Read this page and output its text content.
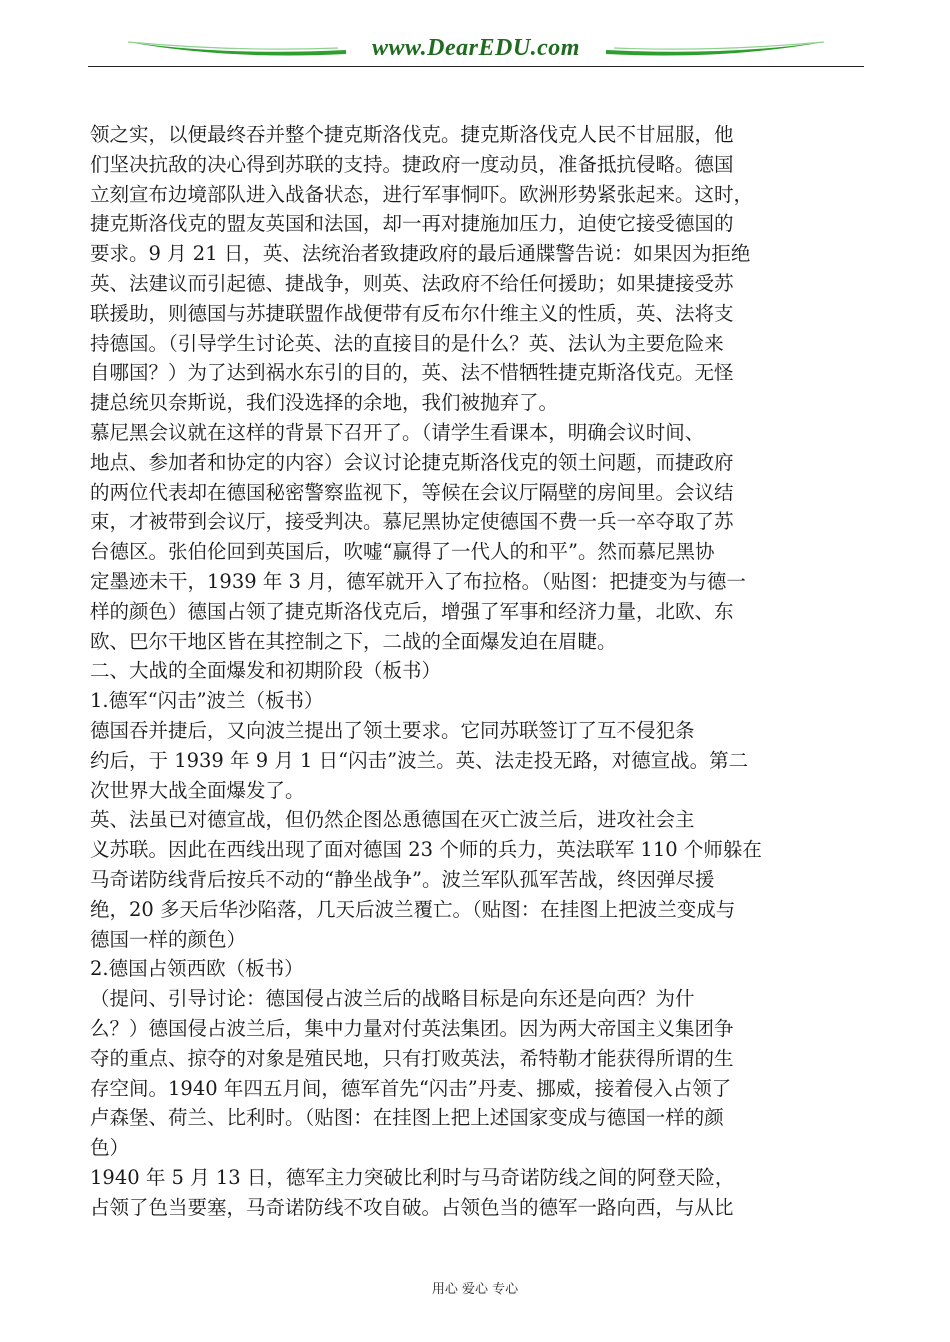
www.DearEDU.com
领之实，以便最终吞并整个捷克斯洛伐克。捷克斯洛伐克人民不甘屈服，他
们坚决抗敌的决心得到苏联的支持。捷政府一度动员，准备抵抗侵略。德国
立刻宣布边境部队进入战备状态，进行军事恫吓。欧洲形势紧张起来。这时，
捷克斯洛伐克的盟友英国和法国，却一再对捷施加压力，迫使它接受德国的
要求。9 月 21 日，英、法统治者致捷政府的最后通牒警告说：如果因为拒绝
英、法建议而引起德、捷战争，则英、法政府不给任何援助；如果捷接受苏
联援助，则德国与苏捷联盟作战便带有反布尔什维主义的性质，英、法将支
持德国。（引导学生讨论英、法的直接目的是什么？英、法认为主要危险来
自哪国？）为了达到祸水东引的目的，英、法不惜牺牲捷克斯洛伐克。无怪
捷总统贝奈斯说，我们没选择的余地，我们被抛弃了。
慕尼黑会议就在这样的背景下召开了。（请学生看课本，明确会议时间、
地点、参加者和协定的内容）会议讨论捷克斯洛伐克的领土问题，而捷政府
的两位代表却在德国秘密警察监视下，等候在会议厅隔壁的房间里。会议结
束，才被带到会议厅，接受判决。慕尼黑协定使德国不费一兵一卒夺取了苏
台德区。张伯伦回到英国后，吹嘘“赢得了一代人的和平”。然而慕尼黑协
定墨迹未干，1939 年 3 月，德军就开入了布拉格。（贴图：把捷变为与德一
样的颜色）德国占领了捷克斯洛伐克后，增强了军事和经济力量，北欧、东
欧、巴尔干地区皆在其控制之下，二战的全面爆发迫在眉睫。
二、大战的全面爆发和初期阶段（板书）
1.德军“闪击”波兰（板书）
德国吞并捷后，又向波兰提出了领土要求。它同苏联签订了互不侵犯条
约后，于 1939 年 9 月 1 日“闪击”波兰。英、法走投无路，对德宣战。第二
次世界大战全面爆发了。
英、法虽已对德宣战，但仍然企图怂恿德国在灭亡波兰后，进攻社会主
义苏联。因此在西线出现了面对德国 23 个师的兵力，英法联军 110 个师躲在
马奇诺防线背后按兵不动的“静坐战争”。波兰军队孤军苦战，终因弹尽援
绝，20 多天后华沙陷落，几天后波兰覆亡。（贴图：在挂图上把波兰变成与
德国一样的颜色）
2.德国占领西欧（板书）
（提问、引导讨论：德国侵占波兰后的战略目标是向东还是向西？为什
么？）德国侵占波兰后，集中力量对付英法集团。因为两大帝国主义集团争
夺的重点、掠夺的对象是殖民地，只有打败英法，希特勒才能获得所谓的生
存空间。1940 年四五月间，德军首先“闪击”丹麦、挪威，接着侵入占领了
卢森堡、荷兰、比利时。（贴图：在挂图上把上述国家变成与德国一样的颜
色）
1940 年 5 月 13 日，德军主力突破比利时与马奇诺防线之间的阿登天险，
占领了色当要塞，马奇诺防线不攻自破。占领色当的德军一路向西，与从比
用心 爱心 专心
